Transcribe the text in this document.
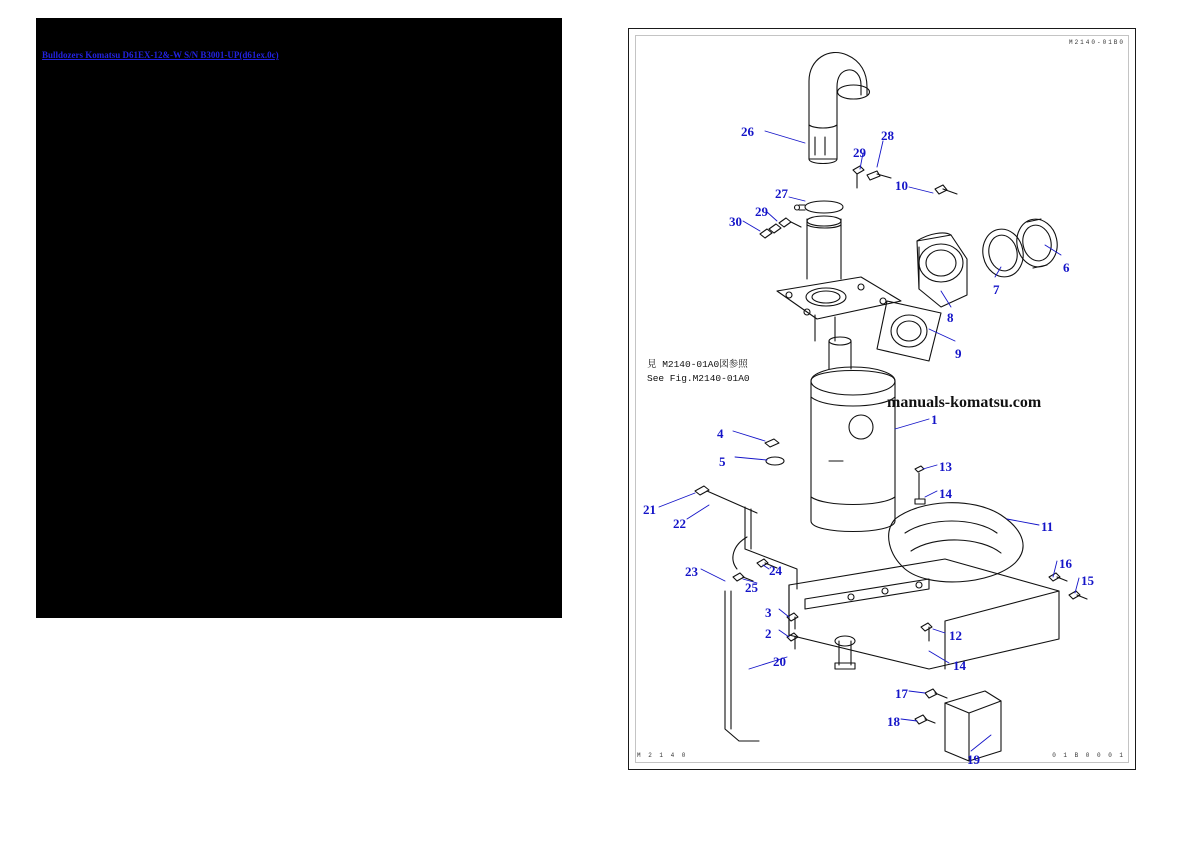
Bulldozers Komatsu D61EX-12&-W S/N B3001-UP(d61ex.0c)
manuals-komatsu.com
見 M2140-01A0図参照
See Fig.M2140-01A0
M 2 1 4 0	0 1 B 0 0 0 1
M2140-01B0
26	28
29
10
27
29
30
6
7
8
9
1
4
5	13
14
11
21
22
16
15
23	24
25
3
2	12
20	14
17
18
19
